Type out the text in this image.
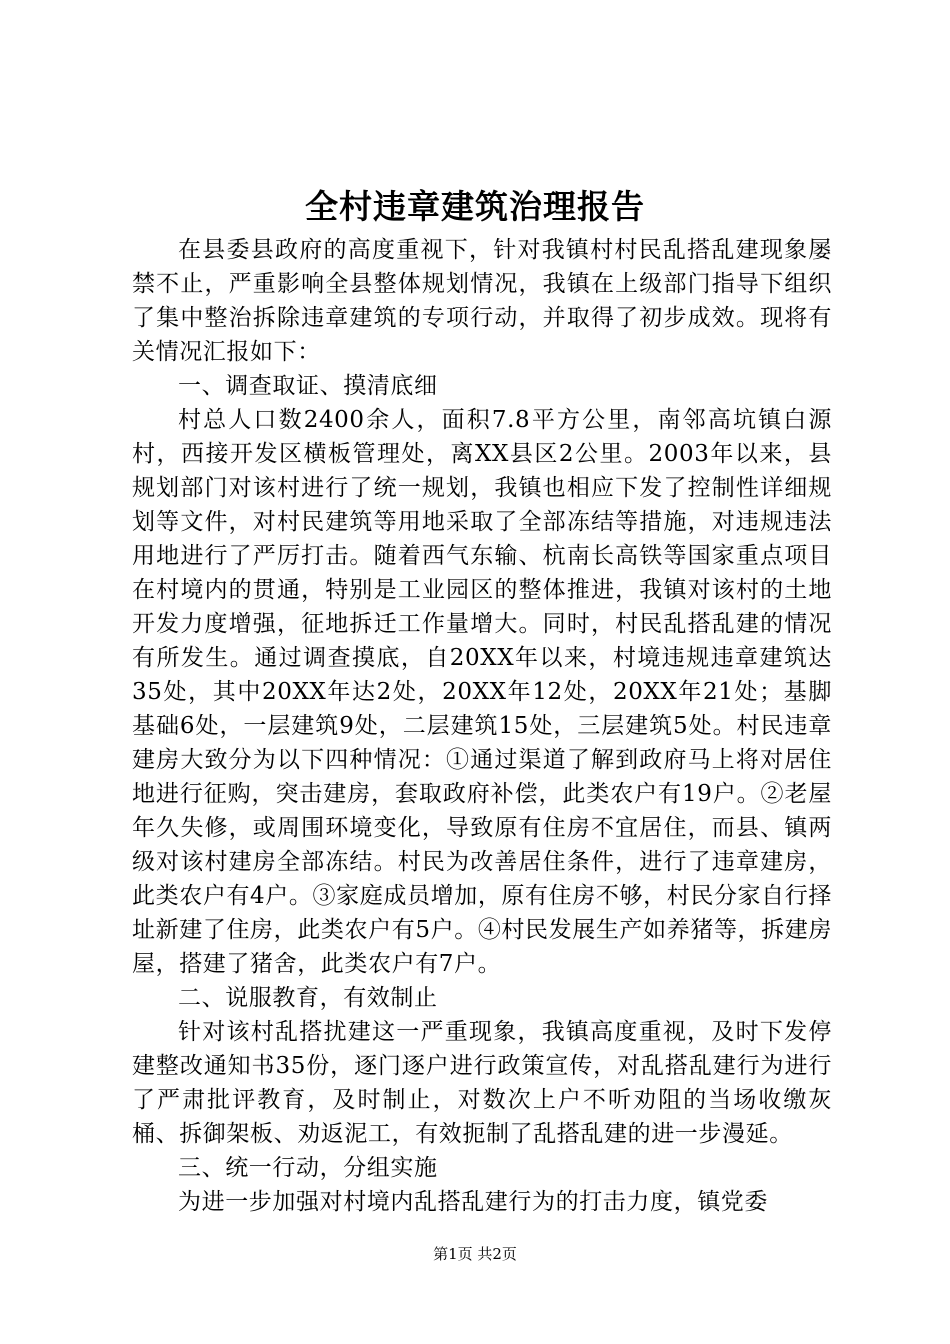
全村违章建筑治理报告

在县委县政府的高度重视下，针对我镇村村民乱搭乱建现象屡禁不止，严重影响全县整体规划情况，我镇在上级部门指导下组织了集中整治拆除违章建筑的专项行动，并取得了初步成效。现将有关情况汇报如下：

一、调查取证、摸清底细

村总人口数2400余人，面积7.8平方公里，南邻高坑镇白源村，西接开发区横板管理处，离XX县区2公里。2003年以来，县规划部门对该村进行了统一规划，我镇也相应下发了控制性详细规划等文件，对村民建筑等用地采取了全部冻结等措施，对违规违法用地进行了严厉打击。随着西气东输、杭南长高铁等国家重点项目在村境内的贯通，特别是工业园区的整体推进，我镇对该村的土地开发力度增强，征地拆迁工作量增大。同时，村民乱搭乱建的情况有所发生。通过调查摸底，自20XX年以来，村境违规违章建筑达35处，其中20XX年达2处，20XX年12处，20XX年21处；基脚基础6处，一层建筑9处，二层建筑15处，三层建筑5处。村民违章建房大致分为以下四种情况：①通过渠道了解到政府马上将对居住地进行征购，突击建房，套取政府补偿，此类农户有19户。②老屋年久失修，或周围环境变化，导致原有住房不宜居住，而县、镇两级对该村建房全部冻结。村民为改善居住条件，进行了违章建房，此类农户有4户。③家庭成员增加，原有住房不够，村民分家自行择址新建了住房，此类农户有5户。④村民发展生产如养猪等，拆建房屋，搭建了猪舍，此类农户有7户。

二、说服教育，有效制止

针对该村乱搭扰建这一严重现象，我镇高度重视，及时下发停建整改通知书35份，逐门逐户进行政策宣传，对乱搭乱建行为进行了严肃批评教育，及时制止，对数次上户不听劝阻的当场收缴灰桶、拆御架板、劝返泥工，有效扼制了乱搭乱建的进一步漫延。

三、统一行动，分组实施

为进一步加强对村境内乱搭乱建行为的打击力度，镇党委

第1页 共2页
